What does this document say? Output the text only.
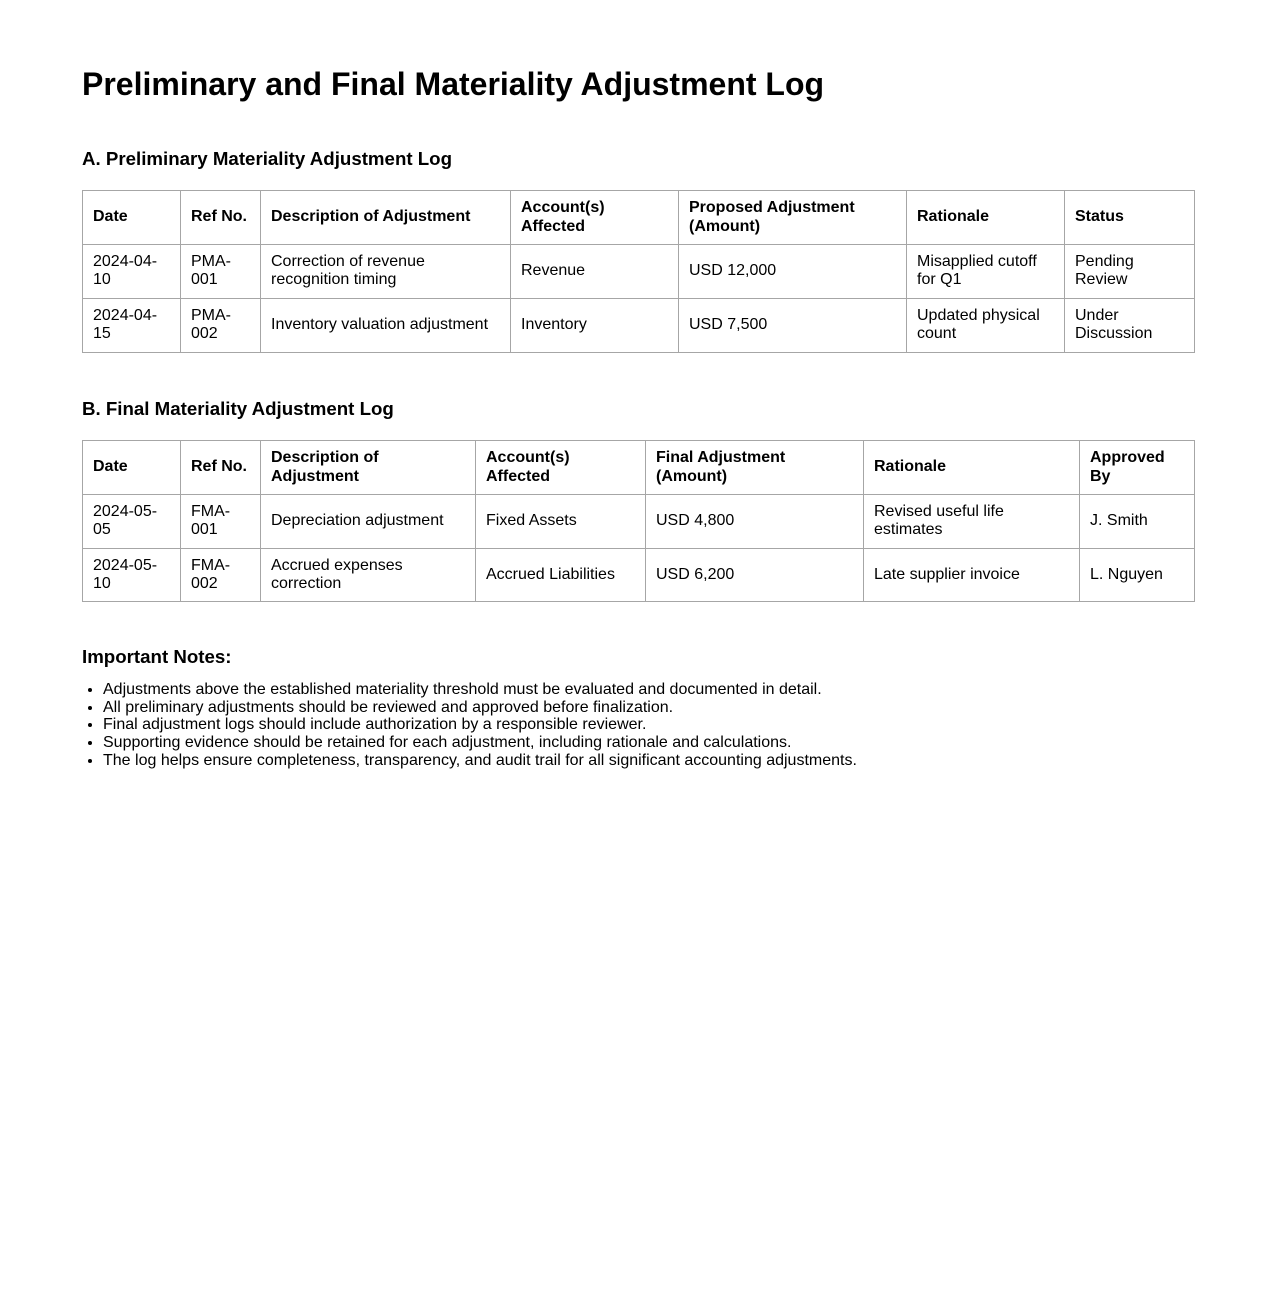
Preliminary and Final Materiality Adjustment Log
A. Preliminary Materiality Adjustment Log
Date	Ref No.	Description of Adjustment	Account(s) Affected	Proposed Adjustment (Amount)	Rationale	Status
2024-04-10	PMA-001	Correction of revenue recognition timing	Revenue	USD 12,000	Misapplied cutoff for Q1	Pending Review
2024-04-15	PMA-002	Inventory valuation adjustment	Inventory	USD 7,500	Updated physical count	Under Discussion
B. Final Materiality Adjustment Log
Date	Ref No.	Description of Adjustment	Account(s) Affected	Final Adjustment (Amount)	Rationale	Approved By
2024-05-05	FMA-001	Depreciation adjustment	Fixed Assets	USD 4,800	Revised useful life estimates	J. Smith
2024-05-10	FMA-002	Accrued expenses correction	Accrued Liabilities	USD 6,200	Late supplier invoice	L. Nguyen
Important Notes:
• Adjustments above the established materiality threshold must be evaluated and documented in detail.
• All preliminary adjustments should be reviewed and approved before finalization.
• Final adjustment logs should include authorization by a responsible reviewer.
• Supporting evidence should be retained for each adjustment, including rationale and calculations.
• The log helps ensure completeness, transparency, and audit trail for all significant accounting adjustments.
